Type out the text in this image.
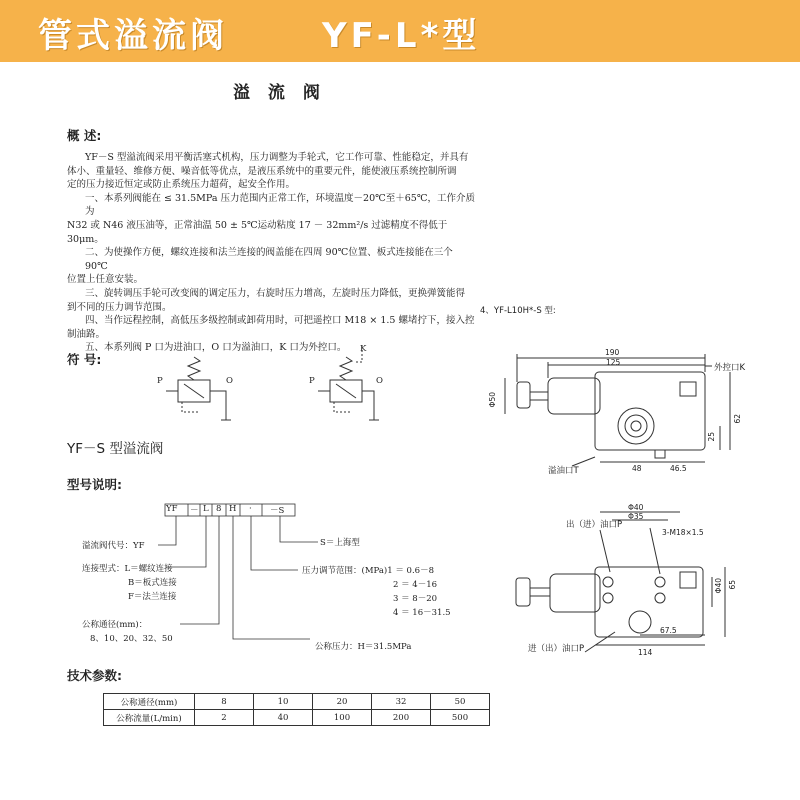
管式溢流阀	YF-L*型
溢 流 阀
概 述:
YF－S 型溢流阀采用平衡活塞式机构，压力调整为手轮式，它工作可靠、性能稳定，并具有
体小、重量轻、维修方便、噪音低等优点，是液压系统中的重要元件，能使液压系统控制所调
定的压力接近恒定或防止系统压力超荷，起安全作用。
一、本系列阀能在 ≤ 31.5MPa 压力范围内正常工作，环境温度－20℃至＋65℃，工作介质为
N32 或 N46 液压油等，正常油温 50 ± 5℃运动粘度 17 － 32mm²/s 过滤精度不得低于 30μm。
二、为使操作方便，螺纹连接和法兰连接的阀盖能在四周 90℃位置、板式连接能在三个 90℃
位置上任意安装。
三、旋转调压手轮可改变阀的调定压力，右旋时压力增高，左旋时压力降低，更换弹簧能得
到不同的压力调节范围。
四、当作远程控制，高低压多级控制或卸荷用时，可把遥控口 M18 × 1.5 螺堵拧下，接入控
制油路。
五、本系列阀 P 口为进油口，O 口为溢油口，K 口为外控口。
符 号:
P	O	P	O
K
YF－S 型溢流阀
型号说明:
YF － L 8 H · －S
溢流阀代号：YF
连接型式：L＝螺纹连接
B＝板式连接
F＝法兰连接
公称通径(mm)：
8、10、20、32、50
S＝上海型
压力调节范围：(MPa)1 ＝ 0.6－8
2 ＝ 4－16
3 ＝ 8－20
4 ＝ 16－31.5
公称压力：H＝31.5MPa
技术参数:
公称通径(mm)	8	10	20	32	50
公称流量(L/min)	2	40	100	200	500
4、YF-L10H*-S 型:
190
125
Φ50
62
25
48	46.5
外控口K
溢油口T
Φ40
Φ35
3-M18×1.5
Φ40 65
67.5
114
出（进）油口P
进（出）油口P
